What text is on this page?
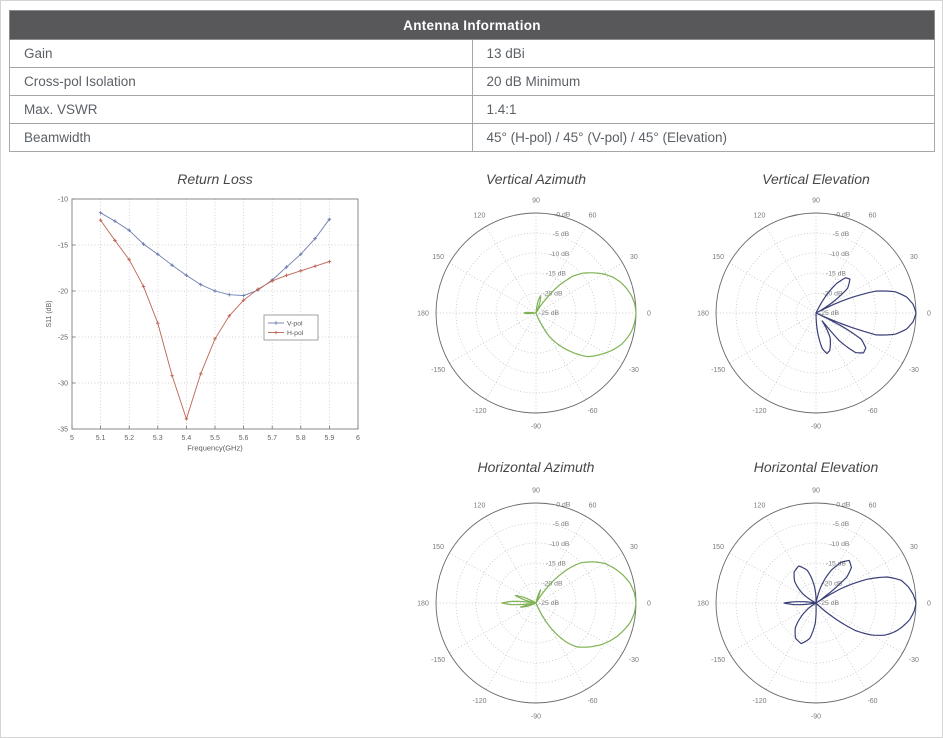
Antenna Information	
Gain	13 dBi
Cross-pol Isolation	20 dB Minimum
Max. VSWR	1.4:1
Beamwidth	45° (H-pol) / 45° (V-pol) / 45° (Elevation)
Return Loss	Vertical Azimuth	Vertical Elevation
Horizontal Azimuth	Horizontal Elevation
5	5.1	5.2	5.3	5.4	5.5	5.6	5.7	5.8	5.9	6
-10
-15
-20
-25
-30
-35
Frequency(GHz)
S11 (dB)	V-pol
H-pol
0
30
60
90
120
150
180
-150
-120
-90
-60
-30
0 dB
-5 dB
-10 dB
-15 dB
-20 dB
-25 dB	0
30
60
90
120
150
180
-150
-120
-90
-60
-30
0 dB
-5 dB
-10 dB
-15 dB
-20 dB
-25 dB
0
30
60
90
120
150
180
-150
-120
-90
-60
-30
0 dB
-5 dB
-10 dB
-15 dB
-20 dB
-25 dB	0
30
60
90
120
150
180
-150
-120
-90
-60
-30
0 dB
-5 dB
-10 dB
-15 dB
-20 dB
-25 dB
